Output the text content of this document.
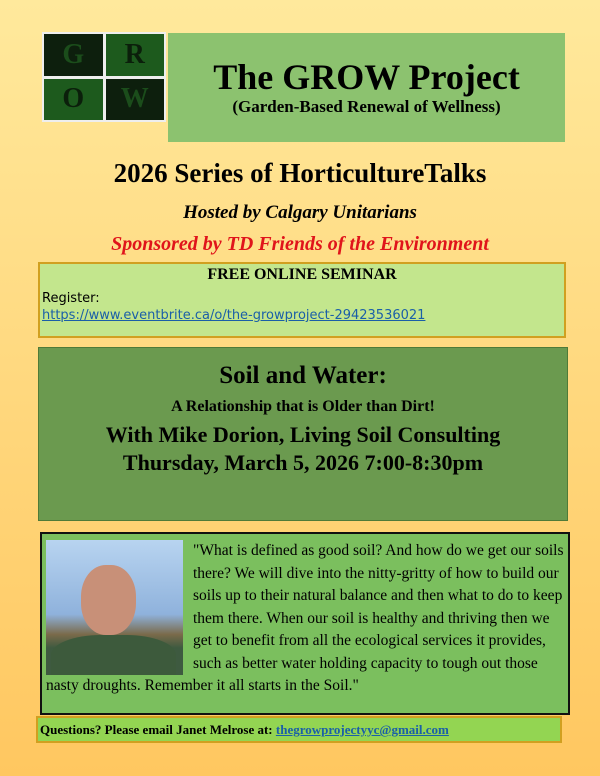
G	R
O	W
The GROW Project
(Garden-Based Renewal of Wellness)
2026 Series of HorticultureTalks
Hosted by Calgary Unitarians
Sponsored by TD Friends of the Environment
FREE ONLINE SEMINAR
Register:
https://www.eventbrite.ca/o/the-growproject-29423536021
Soil and Water:
A Relationship that is Older than Dirt!
With Mike Dorion, Living Soil Consulting
Thursday, March 5, 2026 7:00-8:30pm
"What is defined as good soil? And how do we get our soils there? We will dive into the nitty-gritty of how to build our soils up to their natural balance and then what to do to keep them there. When our soil is healthy and thriving then we get to benefit from all the ecological services it provides, such as better water holding capacity to tough out those nasty droughts. Remember it all starts in the Soil."
Questions? Please email Janet Melrose at: thegrowprojectyyc@gmail.com
